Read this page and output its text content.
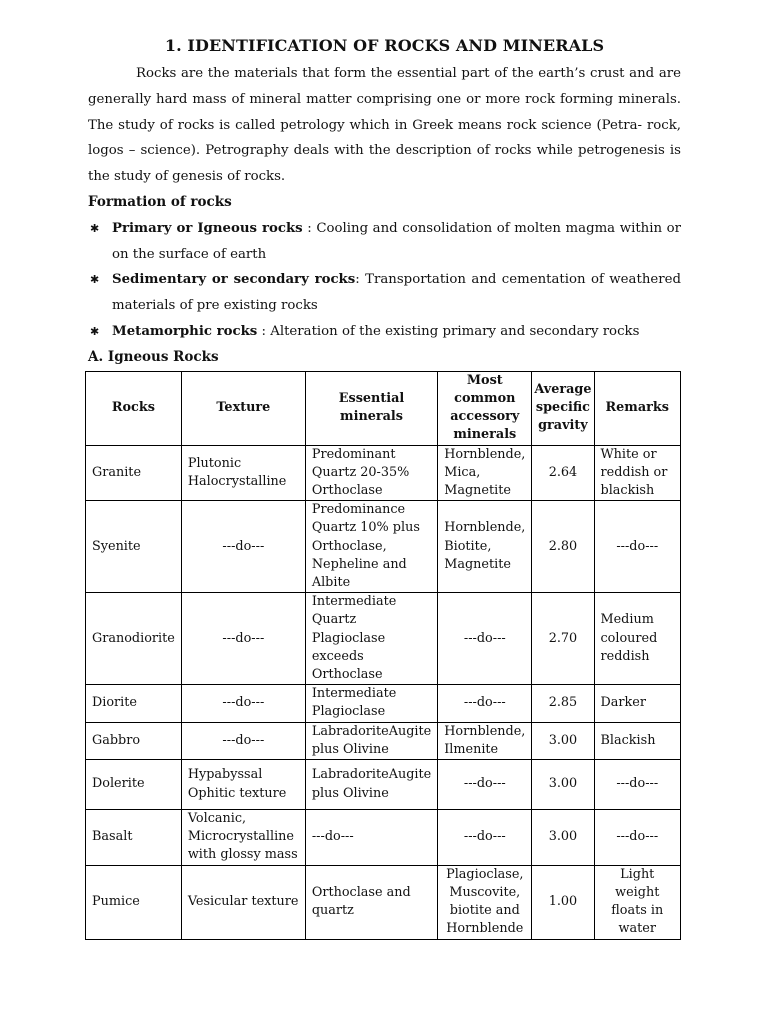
1. IDENTIFICATION OF ROCKS AND MINERALS

Rocks are the materials that form the essential part of the earth’s crust and are generally hard mass of mineral matter comprising one or more rock forming minerals. The study of rocks is called petrology which in Greek means rock science (Petra- rock, logos – science). Petrography deals with the description of rocks while petrogenesis is the study of genesis of rocks.

Formation of rocks

✱ Primary or Igneous rocks : Cooling and consolidation of molten magma within or on the surface of earth

✱ Sedimentary or secondary rocks: Transportation and cementation of weathered materials of pre existing rocks

✱ Metamorphic rocks : Alteration of the existing primary and secondary rocks

A. Igneous Rocks

Rocks	Texture	Essential minerals	Most common accessory minerals	Average specific gravity	Remarks
Granite	Plutonic Halocrystalline	Predominant Quartz 20-35% Orthoclase	Hornblende, Mica, Magnetite	2.64	White or reddish or blackish
Syenite	---do---	Predominance Quartz 10% plus Orthoclase, Nepheline and Albite	Hornblende, Biotite, Magnetite	2.80	---do---
Granodiorite	---do---	Intermediate Quartz Plagioclase exceeds Orthoclase	---do---	2.70	Medium coloured reddish
Diorite	---do---	Intermediate Plagioclase	---do---	2.85	Darker
Gabbro	---do---	LabradoriteAugite plus Olivine	Hornblende, Ilmenite	3.00	Blackish
Dolerite	Hypabyssal Ophitic texture	LabradoriteAugite plus Olivine	---do---	3.00	---do---
Basalt	Volcanic, Microcrystalline with glossy mass	---do---	---do---	3.00	---do---
Pumice	Vesicular texture	Orthoclase and quartz	Plagioclase, Muscovite, biotite and Hornblende	1.00	Light weight floats in water
